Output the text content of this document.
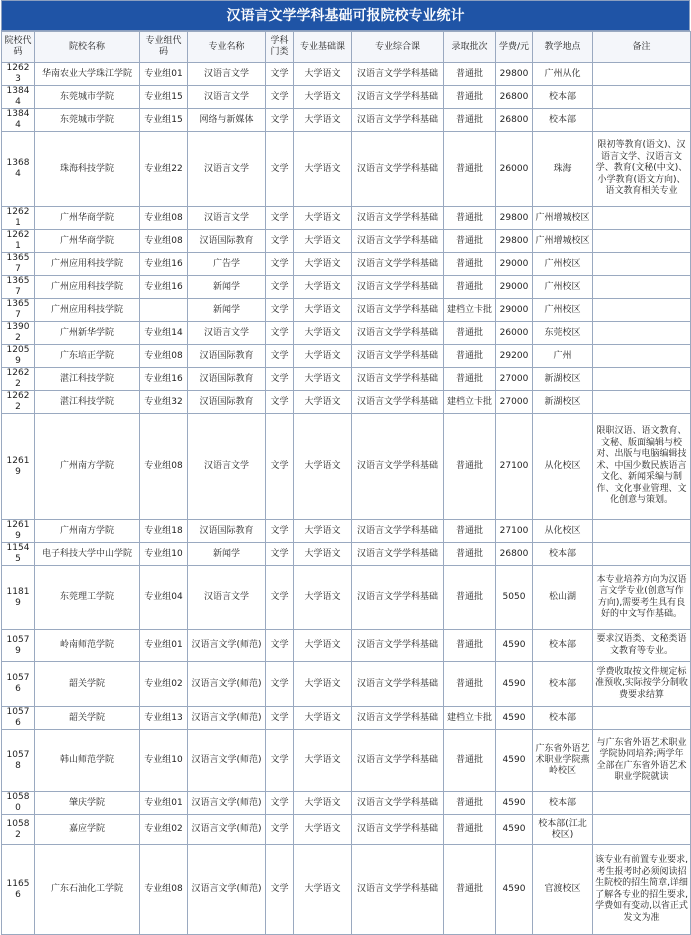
汉语言文学学科基础可报院校专业统计
院校代码	院校名称	专业组代码	专业名称	学科门类	专业基础课	专业综合课	录取批次	学费/元	教学地点	备注
12623	华南农业大学珠江学院	专业组01	汉语言文学	文学	大学语文	汉语言文学学科基础	普通批	29800	广州从化	
13844	东莞城市学院	专业组15	汉语言文学	文学	大学语文	汉语言文学学科基础	普通批	26800	校本部	
13844	东莞城市学院	专业组15	网络与新媒体	文学	大学语文	汉语言文学学科基础	普通批	26800	校本部	
13684	珠海科技学院	专业组22	汉语言文学	文学	大学语文	汉语言文学学科基础	普通批	26000	珠海	限初等教育(语文)、汉语言文学、汉语言文学、教育(文秘(中文)、小学教育(语文方向)、语文教育相关专业
12621	广州华商学院	专业组08	汉语言文学	文学	大学语文	汉语言文学学科基础	普通批	29800	广州增城校区	
12621	广州华商学院	专业组08	汉语国际教育	文学	大学语文	汉语言文学学科基础	普通批	29800	广州增城校区	
13657	广州应用科技学院	专业组16	广告学	文学	大学语文	汉语言文学学科基础	普通批	29000	广州校区	
13657	广州应用科技学院	专业组16	新闻学	文学	大学语文	汉语言文学学科基础	普通批	29000	广州校区	
13657	广州应用科技学院		新闻学	文学	大学语文	汉语言文学学科基础	建档立卡批	29000	广州校区	
13902	广州新华学院	专业组14	汉语言文学	文学	大学语文	汉语言文学学科基础	普通批	26000	东莞校区	
12059	广东培正学院	专业组08	汉语国际教育	文学	大学语文	汉语言文学学科基础	普通批	29200	广州	
12622	湛江科技学院	专业组16	汉语国际教育	文学	大学语文	汉语言文学学科基础	普通批	27000	新湖校区	
12622	湛江科技学院	专业组32	汉语国际教育	文学	大学语文	汉语言文学学科基础	建档立卡批	27000	新湖校区	
12619	广州南方学院	专业组08	汉语言文学	文学	大学语文	汉语言文学学科基础	普通批	27100	从化校区	限职汉语、语文教育、文秘、版面编辑与校对、出版与电脑编辑技术、中国少数民族语言文化、新闻采编与制作、文化事业管理、文化创意与策划。
12619	广州南方学院	专业组18	汉语国际教育	文学	大学语文	汉语言文学学科基础	普通批	27100	从化校区	
11545	电子科技大学中山学院	专业组10	新闻学	文学	大学语文	汉语言文学学科基础	普通批	26800	校本部	
11819	东莞理工学院	专业组04	汉语言文学	文学	大学语文	汉语言文学学科基础	普通批	5050	松山湖	本专业培养方向为汉语言文学专业(创意写作方向),需要考生具有良好的中文写作基础。
10579	岭南师范学院	专业组01	汉语言文学(师范)	文学	大学语文	汉语言文学学科基础	普通批	4590	校本部	要求汉语类、文秘类语文教育等专业。
10576	韶关学院	专业组02	汉语言文学(师范)	文学	大学语文	汉语言文学学科基础	普通批	4590	校本部	学费收取按文件规定标准预收,实际按学分制收费要求结算
10576	韶关学院	专业组13	汉语言文学(师范)	文学	大学语文	汉语言文学学科基础	建档立卡批	4590	校本部	
10578	韩山师范学院	专业组10	汉语言文学(师范)	文学	大学语文	汉语言文学学科基础	普通批	4590	广东省外语艺术职业学院燕岭校区	与广东省外语艺术职业学院协同培养;两学年全部在广东省外语艺术职业学院就读
10580	肇庆学院	专业组01	汉语言文学(师范)	文学	大学语文	汉语言文学学科基础	普通批	4590	校本部	
10582	嘉应学院	专业组02	汉语言文学(师范)	文学	大学语文	汉语言文学学科基础	普通批	4590	校本部(江北校区)	
11656	广东石油化工学院	专业组08	汉语言文学(师范)	文学	大学语文	汉语言文学学科基础	普通批	4590	官渡校区	该专业有前置专业要求,考生报考时必须阅读招生院校的招生简章,详细了解各专业的招生要求,学费如有变动,以省正式发文为准
